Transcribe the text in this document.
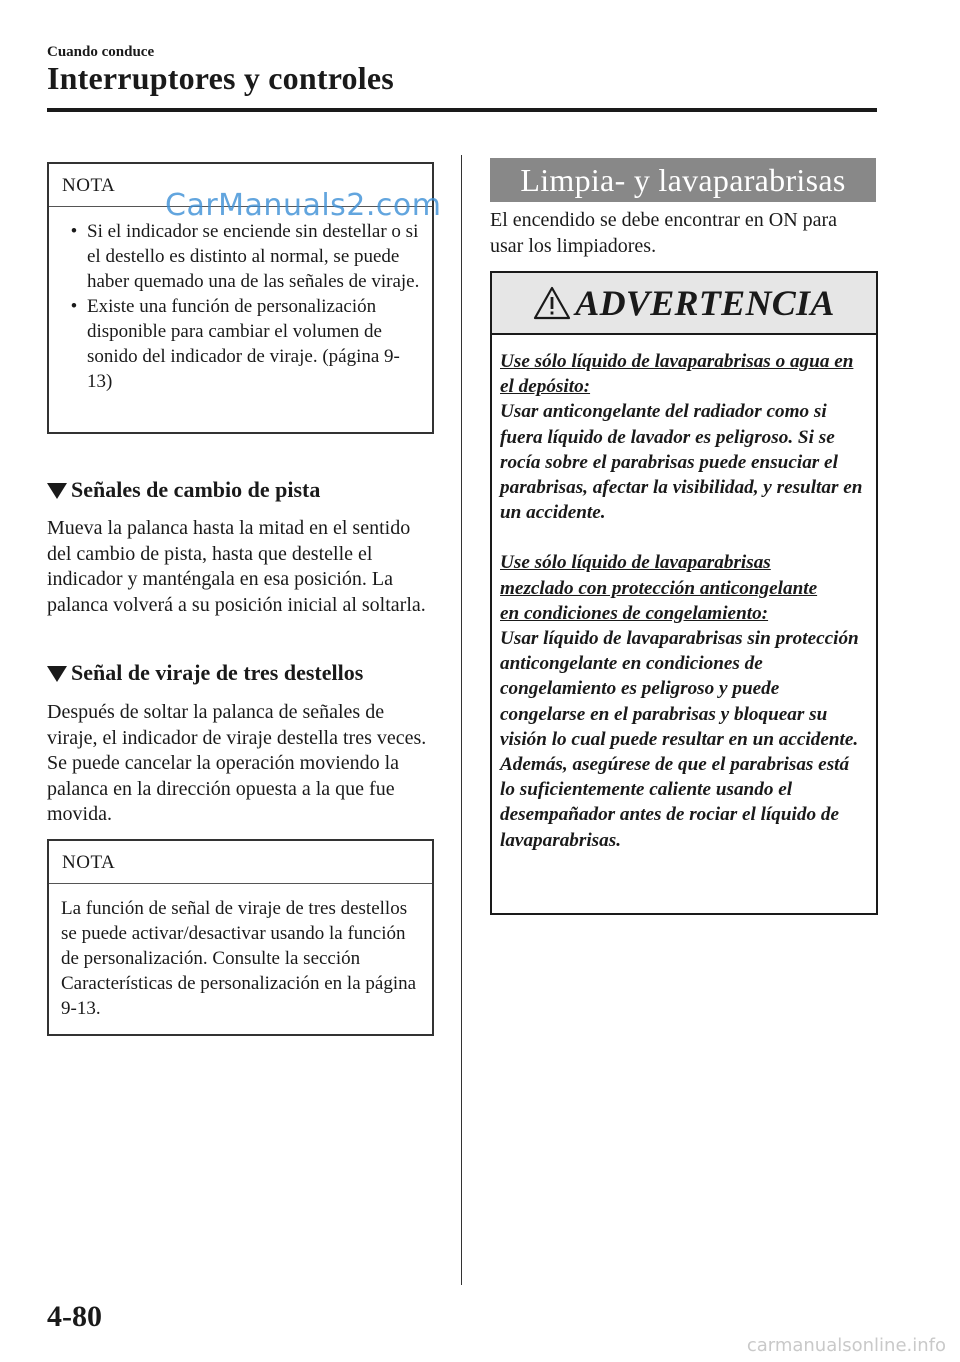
Cuando conduce
Interruptores y controles
NOTA
• Si el indicador se enciende sin destellar o si el destello es distinto al normal, se puede haber quemado una de las señales de viraje.
• Existe una función de personalización disponible para cambiar el volumen de sonido del indicador de viraje. (página 9-13)
CarManuals2.com
Señales de cambio de pista
Mueva la palanca hasta la mitad en el sentido del cambio de pista, hasta que destelle el indicador y manténgala en esa posición. La palanca volverá a su posición inicial al soltarla.
Señal de viraje de tres destellos
Después de soltar la palanca de señales de viraje, el indicador de viraje destella tres veces. Se puede cancelar la operación moviendo la palanca en la dirección opuesta a la que fue movida.
NOTA
La función de señal de viraje de tres destellos se puede activar/desactivar usando la función de personalización. Consulte la sección Características de personalización en la página 9-13.
Limpia- y lavaparabrisas
El encendido se debe encontrar en ON para usar los limpiadores.
ADVERTENCIA
Use sólo líquido de lavaparabrisas o agua en el depósito:
Usar anticongelante del radiador como si fuera líquido de lavador es peligroso. Si se rocía sobre el parabrisas puede ensuciar el parabrisas, afectar la visibilidad, y resultar en un accidente.
Use sólo líquido de lavaparabrisas mezclado con protección anticongelante en condiciones de congelamiento:
Usar líquido de lavaparabrisas sin protección anticongelante en condiciones de congelamiento es peligroso y puede congelarse en el parabrisas y bloquear su visión lo cual puede resultar en un accidente. Además, asegúrese de que el parabrisas está lo suficientemente caliente usando el desempañador antes de rociar el líquido de lavaparabrisas.
4-80
carmanualsonline.info
